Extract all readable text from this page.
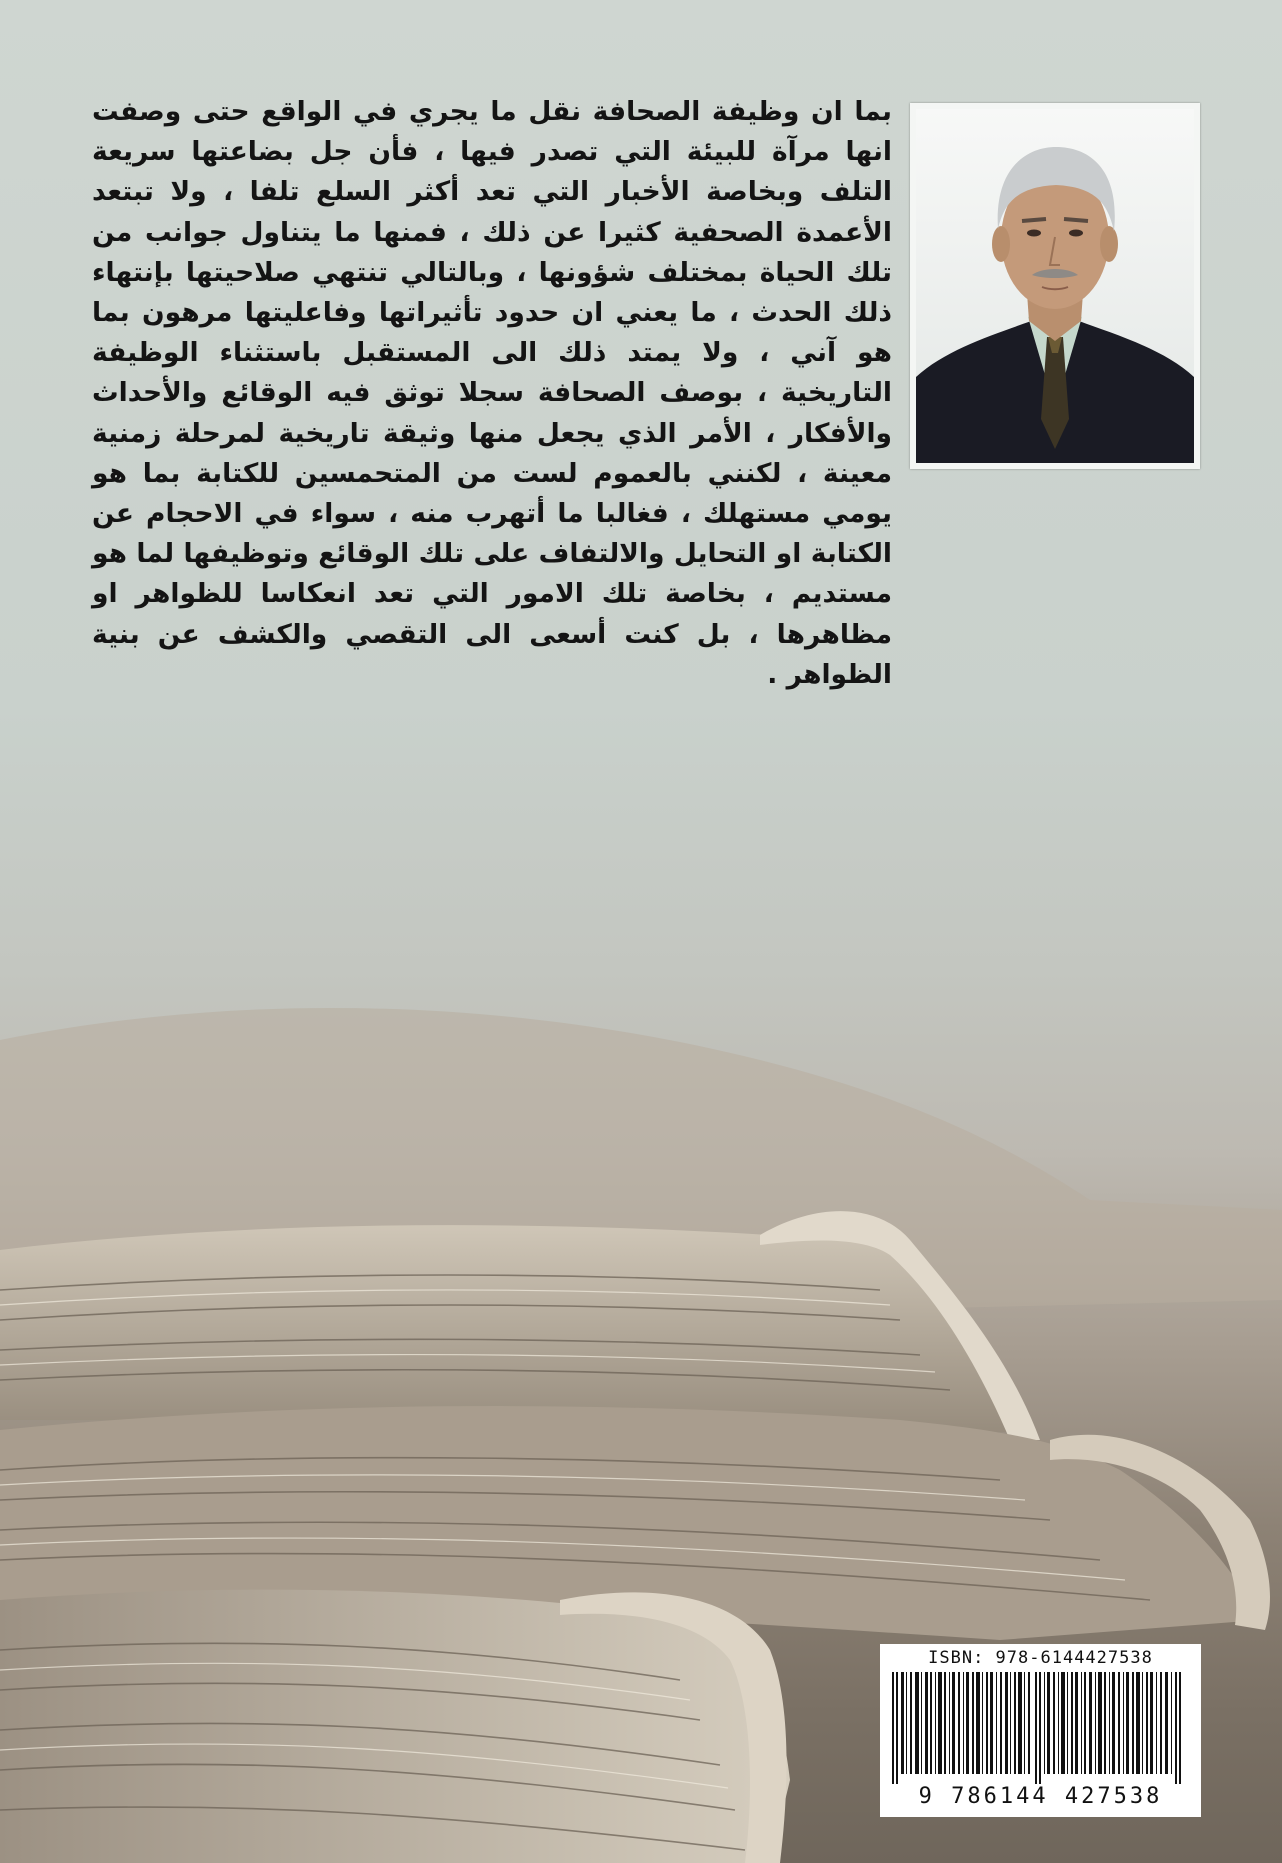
بما ان وظيفة الصحافة نقل ما يجري في الواقع حتى وصفت انها مرآة للبيئة التي تصدر فيها ، فأن جل بضاعتها سريعة التلف وبخاصة الأخبار التي تعد أكثر السلع تلفا ، ولا تبتعد الأعمدة الصحفية كثيرا عن ذلك ، فمنها ما يتناول جوانب من تلك الحياة بمختلف شؤونها ، وبالتالي تنتهي صلاحيتها بإنتهاء ذلك الحدث ، ما يعني ان حدود تأثيراتها وفاعليتها مرهون بما هو آني ، ولا يمتد ذلك الى المستقبل باستثناء الوظيفة التاريخية ، بوصف الصحافة سجلا توثق فيه الوقائع والأحداث والأفكار ، الأمر الذي يجعل منها وثيقة تاريخية لمرحلة زمنية معينة ، لكنني بالعموم لست من المتحمسين للكتابة بما هو يومي مستهلك ، فغالبا ما أتهرب منه ، سواء في الاحجام عن الكتابة او التحايل والالتفاف على تلك الوقائع وتوظيفها لما هو مستديم ، بخاصة تلك الامور التي تعد انعكاسا للظواهر او مظاهرها ، بل كنت أسعى الى التقصي والكشف عن بنية الظواهر .

ISBN: 978-6144427538
9 786144 427538
